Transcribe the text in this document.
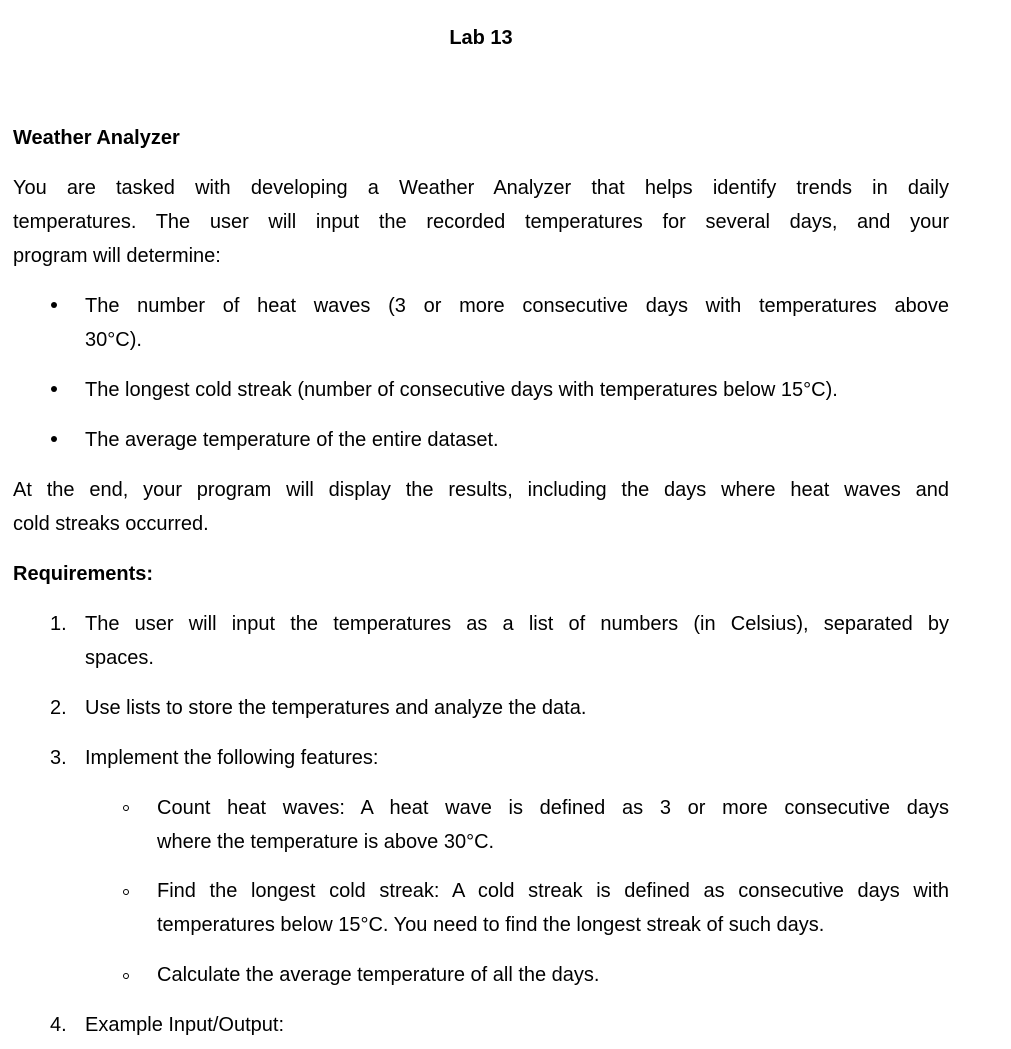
Lab 13
Weather Analyzer
You are tasked with developing a Weather Analyzer that helps identify trends in daily
temperatures. The user will input the recorded temperatures for several days, and your
program will determine:
The number of heat waves (3 or more consecutive days with temperatures above
30°C).
The longest cold streak (number of consecutive days with temperatures below 15°C).
The average temperature of the entire dataset.
At the end, your program will display the results, including the days where heat waves and
cold streaks occurred.
Requirements:
1. The user will input the temperatures as a list of numbers (in Celsius), separated by
spaces.
2. Use lists to store the temperatures and analyze the data.
3. Implement the following features:
Count heat waves: A heat wave is defined as 3 or more consecutive days
where the temperature is above 30°C.
Find the longest cold streak: A cold streak is defined as consecutive days with
temperatures below 15°C. You need to find the longest streak of such days.
Calculate the average temperature of all the days.
4. Example Input/Output:
